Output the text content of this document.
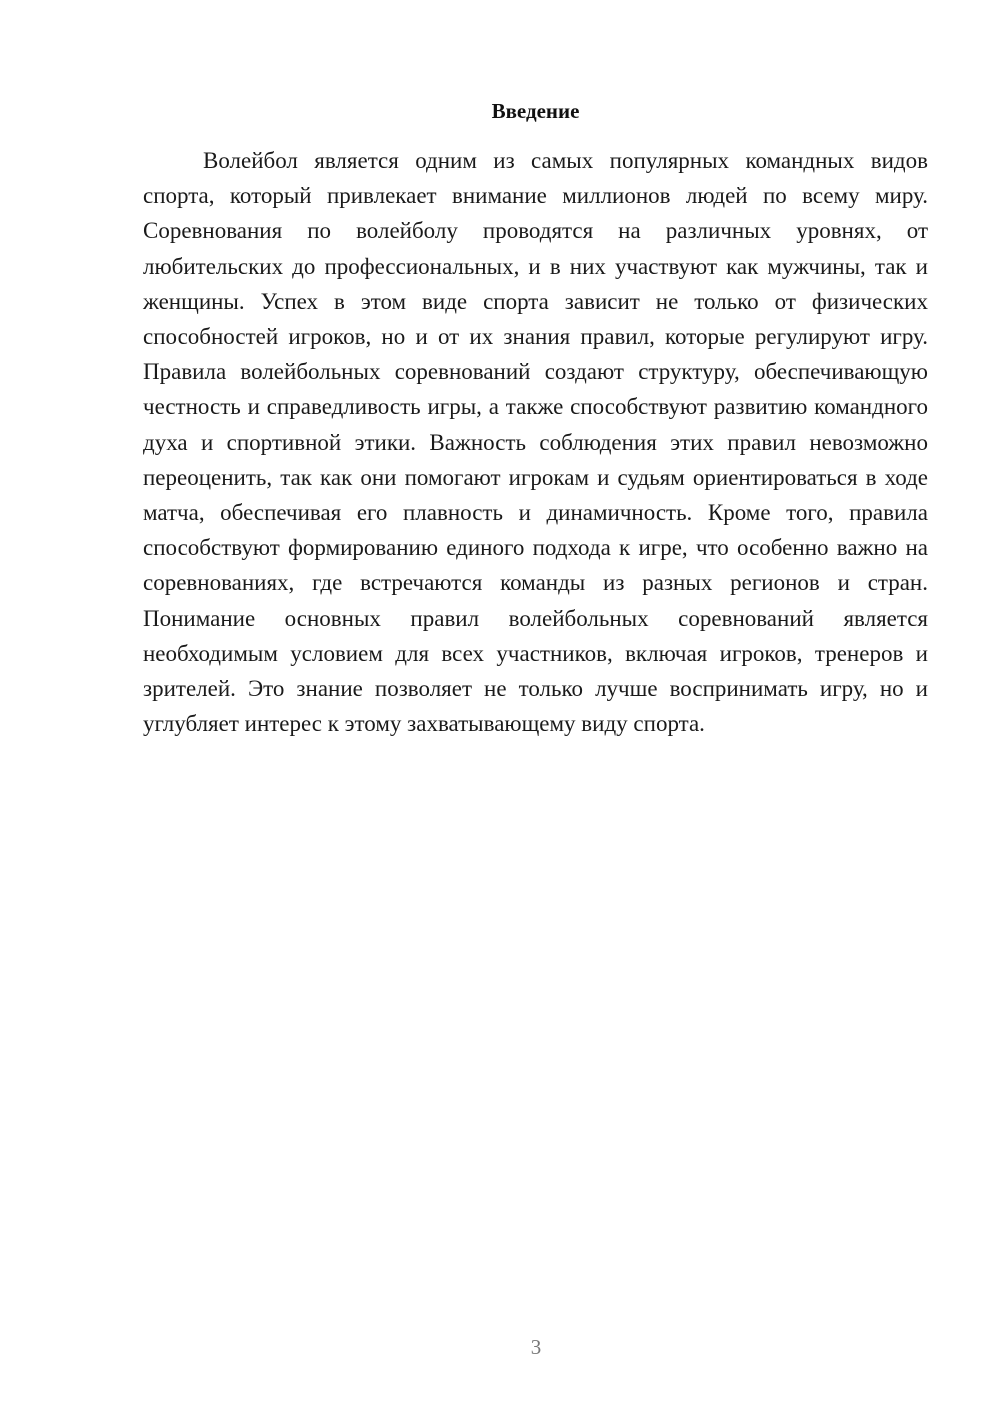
Введение

Волейбол является одним из самых популярных командных видов спорта, который привлекает внимание миллионов людей по всему миру. Соревнования по волейболу проводятся на различных уровнях, от любительских до профессиональных, и в них участвуют как мужчины, так и женщины. Успех в этом виде спорта зависит не только от физических способностей игроков, но и от их знания правил, которые регулируют игру. Правила волейбольных соревнований создают структуру, обеспечивающую честность и справедливость игры, а также способствуют развитию командного духа и спортивной этики. Важность соблюдения этих правил невозможно переоценить, так как они помогают игрокам и судьям ориентироваться в ходе матча, обеспечивая его плавность и динамичность. Кроме того, правила способствуют формированию единого подхода к игре, что особенно важно на соревнованиях, где встречаются команды из разных регионов и стран. Понимание основных правил волейбольных соревнований является необходимым условием для всех участников, включая игроков, тренеров и зрителей. Это знание позволяет не только лучше воспринимать игру, но и углубляет интерес к этому захватывающему виду спорта.

3
